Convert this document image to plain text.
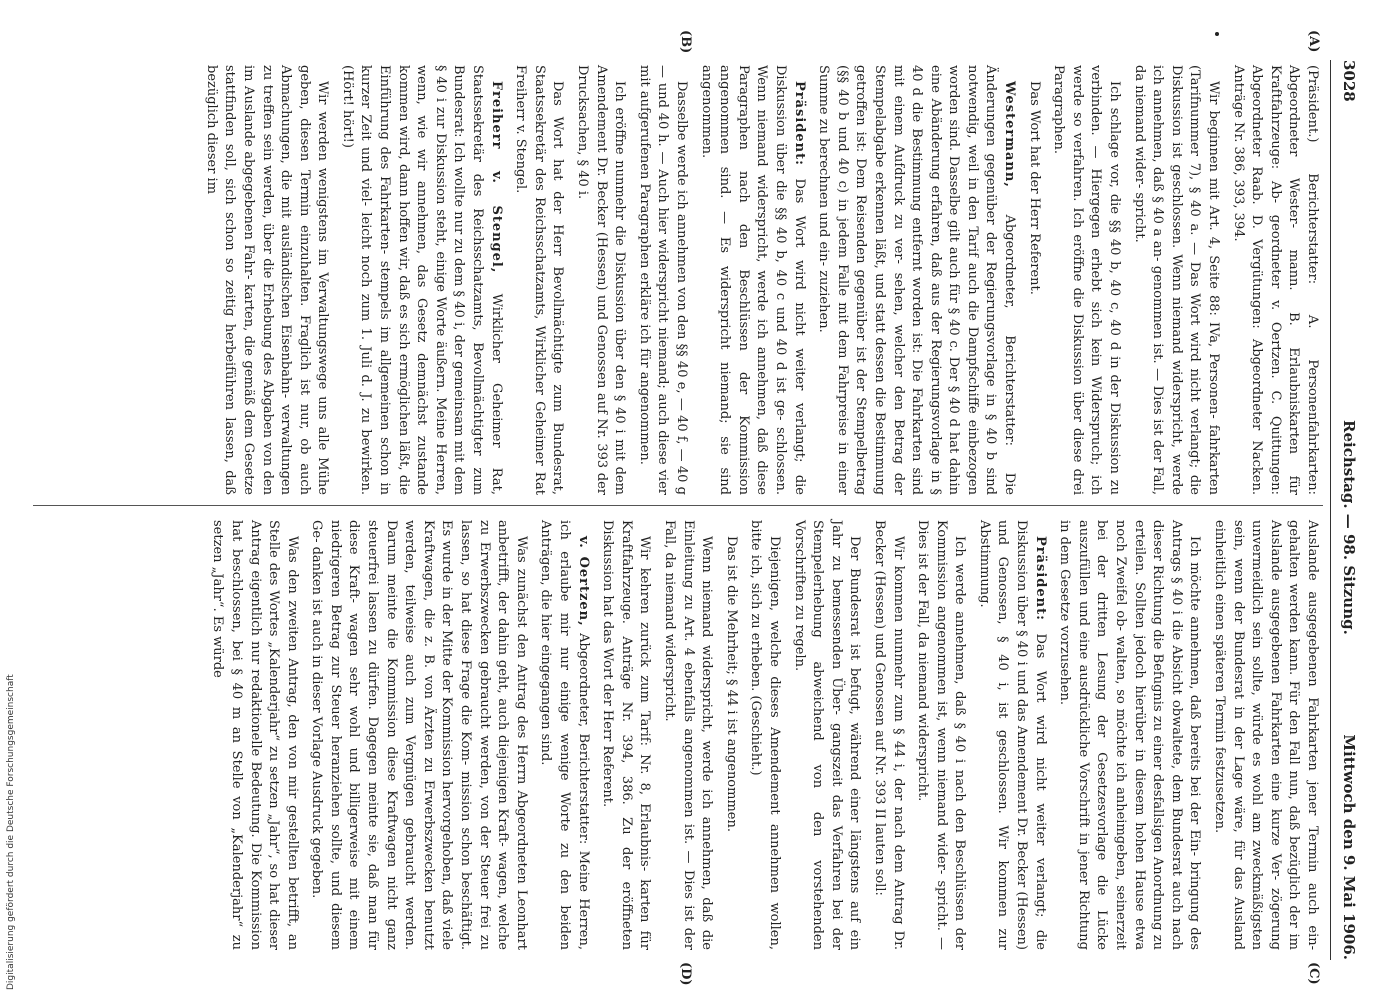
3028
Reichstag. — 98. Sitzung.
Mittwoch den 9. Mai 1906.
(A)
(B)
(C)
(D)

(Präsident.) Berichterstatter: A. Personenfahrkarten: Abgeordneter Wester- mann. B. Erlaubniskarten für Kraftfahrzeuge: Ab- geordneter v. Oertzen. C. Quittungen: Abgeordneter Raab. D. Vergütungen: Abgeordneter Nacken. Anträge Nr. 386, 393, 394.

Wir beginnen mit Art. 4, Seite 88: IVa, Personen- fahrkarten (Tarifnummer 7), § 40 a. — Das Wort wird nicht verlangt; die Diskussion ist geschlossen. Wenn niemand widerspricht, werde ich annehmen, daß § 40 a an- genommen ist. — Dies ist der Fall, da niemand wider- spricht.

Ich schlage vor, die §§ 40 b, 40 c, 40 d in der Diskussion zu verbinden. — Hiergegen erhebt sich kein Widerspruch; ich werde so verfahren. Ich eröffne die Diskussion über diese drei Paragraphen.

Das Wort hat der Herr Referent.

Westermann, Abgeordneter, Berichterstatter: Die Änderungen gegenüber der Regierungsvorlage in § 40 b sind notwendig, weil in den Tarif auch die Dampfschiffe einbezogen worden sind. Dasselbe gilt auch für § 40 c. Der § 40 d hat dahin eine Abänderung erfahren, daß aus der Regierungsvorlage in § 40 d die Bestimmung entfernt worden ist: Die Fahrkarten sind mit einem Aufdruck zu ver- sehen, welcher den Betrag der Stempelabgabe erkennen läßt, und statt dessen die Bestimmung getroffen ist: Dem Reisenden gegenüber ist der Stempelbetrag (§§ 40 b und 40 c) in jedem Falle mit dem Fahrpreise in einer Summe zu berechnen und ein- zuziehen.

Präsident: Das Wort wird nicht weiter verlangt; die Diskussion über die §§ 40 b, 40 c und 40 d ist ge- schlossen. Wenn niemand widerspricht, werde ich annehmen, daß diese Paragraphen nach den Beschlüssen der Kommission angenommen sind. — Es widerspricht niemand; sie sind angenommen.

Dasselbe werde ich annehmen von den §§ 40 e, — 40 f, — 40 g — und 40 h. — Auch hier widerspricht niemand; auch diese vier mit aufgerufenen Paragraphen erkläre ich für angenommen.

Ich eröffne nunmehr die Diskussion über den § 40 i mit dem Amendement Dr. Becker (Hessen) und Genossen auf Nr. 393 der Drucksachen, § 40 i.

Das Wort hat der Herr Bevollmächtigte zum Bundesrat, Staatssekretär des Reichsschatzamts, Wirklicher Geheimer Rat Freiherr v. Stengel.

Freiherr v. Stengel, Wirklicher Geheimer Rat, Staatssekretär des Reichsschatzamts, Bevollmächtigter zum Bundesrat: Ich wollte nur zu dem § 40 i, der gemeinsam mit dem § 40 i zur Diskussion steht, einige Worte äußern. Meine Herren, wenn, wie wir annehmen, das Gesetz demnächst zustande kommen wird, dann hoffen wir, daß es sich ermöglichen läßt, die Einführung des Fahrkarten- stempels im allgemeinen schon in kurzer Zeit und viel- leicht noch zum 1. Juli d. J. zu bewirken. (Hört! hört!)

Wir werden wenigstens im Verwaltungswege uns alle Mühe geben, diesen Termin einzuhalten. Fraglich ist nur, ob auch Abmachungen, die mit ausländischen Eisenbahn- verwaltungen zu treffen sein werden, über die Erhebung des Abgaben von den im Auslande abgegebenen Fahr- karten, die gemäß dem Gesetze stattfinden soll, sich schon so zeitig herbeiführen lassen, daß bezüglich dieser im

Auslande ausgegebenen Fahrkarten jener Termin auch ein- gehalten werden kann. Für den Fall nun, daß bezüglich der im Auslande ausgegebenen Fahrkarten eine kurze Ver- zögerung unvermeidlich sein sollte, würde es wohl am zweckmäßigsten sein, wenn der Bundesrat in der Lage wäre, für das Ausland einheitlich einen späteren Termin festzusetzen.

Ich möchte annehmen, daß bereits bei der Ein- bringung des Antrags § 40 i die Absicht obwaltete, dem Bundesrat auch nach dieser Richtung die Befugnis zu einer desfallsigen Anordnung zu erteilen. Sollten jedoch hierüber in diesem hohen Hause etwa noch Zweifel ob- walten, so möchte ich anheimgeben, seinerzeit bei der dritten Lesung der Gesetzesvorlage die Lücke auszufüllen und eine ausdrückliche Vorschrift in jener Richtung in dem Gesetze vorzusehen.

Präsident: Das Wort wird nicht weiter verlangt; die Diskussion über § 40 i und das Amendement Dr. Becker (Hessen) und Genossen, § 40 i, ist geschlossen. Wir kommen zur Abstimmung.

Ich werde annehmen, daß § 40 i nach den Beschlüssen der Kommission angenommen ist, wenn niemand wider- spricht. — Dies ist der Fall, da niemand widerspricht.

Wir kommen nunmehr zum § 44 i, der nach dem Antrag Dr. Becker (Hessen) und Genossen auf Nr. 393 II lauten soll:

Der Bundesrat ist befugt, während einer längstens auf ein Jahr zu bemessenden Über- gangszeit das Verfahren bei der Stempelerhebung abweichend von den vorstehenden Vorschriften zu regeln.

Diejenigen, welche dieses Amendement annehmen wollen, bitte ich, sich zu erheben. (Geschieht.)

Das ist die Mehrheit; § 44 i ist angenommen.

Wenn niemand widerspricht, werde ich annehmen, daß die Einleitung zu Art. 4 ebenfalls angenommen ist. — Dies ist der Fall, da niemand widerspricht.

Wir kehren zurück zum Tarif: Nr. 8, Erlaubnis- karten für Kraftfahrzeuge. Anträge Nr. 394, 386. Zu der eröffneten Diskussion hat das Wort der Herr Referent.

v. Oertzen, Abgeordneter, Berichterstatter: Meine Herren, ich erlaube mir nur einige wenige Worte zu den beiden Anträgen, die hier eingegangen sind.

Was zunächst den Antrag des Herrn Abgeordneten Leonhart anbetrifft, der dahin geht, auch diejenigen Kraft- wagen, welche zu Erwerbszwecken gebraucht werden, von der Steuer frei zu lassen, so hat diese Frage die Kom- mission schon beschäftigt. Es wurde in der Mitte der Kommission hervorgehoben, daß viele Kraftwagen, die z. B. von Ärzten zu Erwerbszwecken benutzt werden, teilweise auch zum Vergnügen gebraucht werden. Darum meinte die Kommission diese Kraftwagen nicht ganz steuerfrei lassen zu dürfen. Dagegen meinte sie, daß man für diese Kraft- wagen sehr wohl und billigerweise mit einem niedrigeren Betrag zur Steuer heranziehen sollte, und diesem Ge- danken ist auch in dieser Vorlage Ausdruck gegeben.

Was den zweiten Antrag, den von mir gestellten betrifft, an Stelle des Wortes „Kalenderjahr“ zu setzen „Jahr“, so hat dieser Antrag eigentlich nur redaktionelle Bedeutung. Die Kommission hat beschlossen, bei § 40 m an Stelle von „Kalenderjahr“ zu setzen „Jahr“. Es würde

Digitalisierung gefördert durch die Deutsche Forschungsgemeinschaft
